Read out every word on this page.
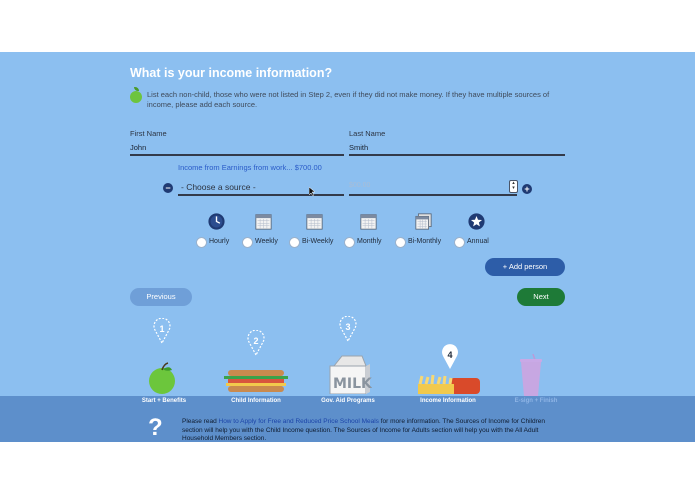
What is your income information?
List each non-child, those who were not listed in Step 2, even if they did not make money. If they have multiple sources of income, please add each source.
First Name
John
Last Name
Smith
Income from Earnings from work... $700.00
− - Choose a source -	$00.00	▴
▾	+
Hourly	Weekly	Bi-Weekly	Monthly	Bi-Monthly	Annual
+ Add person
Previous	Next
1
2
3
4
MILK
Start + Benefits	Child Information	Gov. Aid Programs	Income Information	E-sign + Finish
?	Please read How to Apply for Free and Reduced Price School Meals for more information. The Sources of Income for Children section will help you with the Child Income question. The Sources of Income for Adults section will help you with the All Adult Household Members section.
